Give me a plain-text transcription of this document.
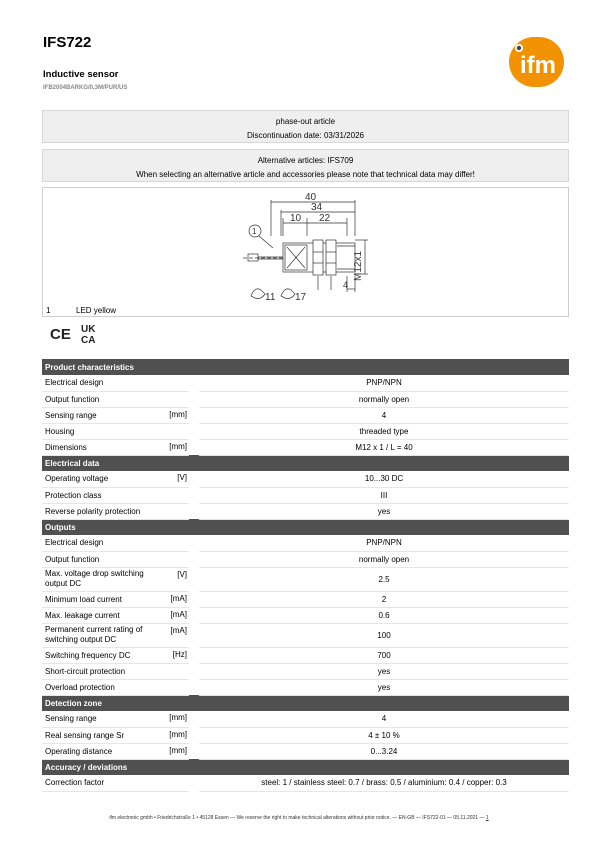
IFS722
Inductive sensor
IFB2004BARKG/0,3M/PUR/US
ifm
phase-out article
Discontinuation date: 03/31/2026
Alternative articles: IFS709
When selecting an alternative article and accessories please note that technical data may differ!
40
34
10 22
1
M12x1
4
11 17
1	LED yellow
CE UK
CA
Product characteristics			
Electrical design			PNP/NPN
Output function			normally open
Sensing range	[mm]		4
Housing			threaded type
Dimensions	[mm]		M12 x 1 / L = 40
Electrical data			
Operating voltage	[V]		10...30 DC
Protection class			III
Reverse polarity protection			yes
Outputs			
Electrical design			PNP/NPN
Output function			normally open
Max. voltage drop switching output DC	[V]		2.5
Minimum load current	[mA]		2
Max. leakage current	[mA]		0.6
Permanent current rating of switching output DC	[mA]		100
Switching frequency DC	[Hz]		700
Short-circuit protection			yes
Overload protection			yes
Detection zone			
Sensing range	[mm]		4
Real sensing range Sr	[mm]		4 ± 10 %
Operating distance	[mm]		0...3.24
Accuracy / deviations			
Correction factor			steel: 1 / stainless steel: 0.7 / brass: 0.5 / aluminium: 0.4 / copper: 0.3
ifm electronic gmbh • Friedrichstraße 1 • 45128 Essen — We reserve the right to make technical alterations without prior notice. — EN-GB — IFS722-01 — 05.11.2021 — 1
